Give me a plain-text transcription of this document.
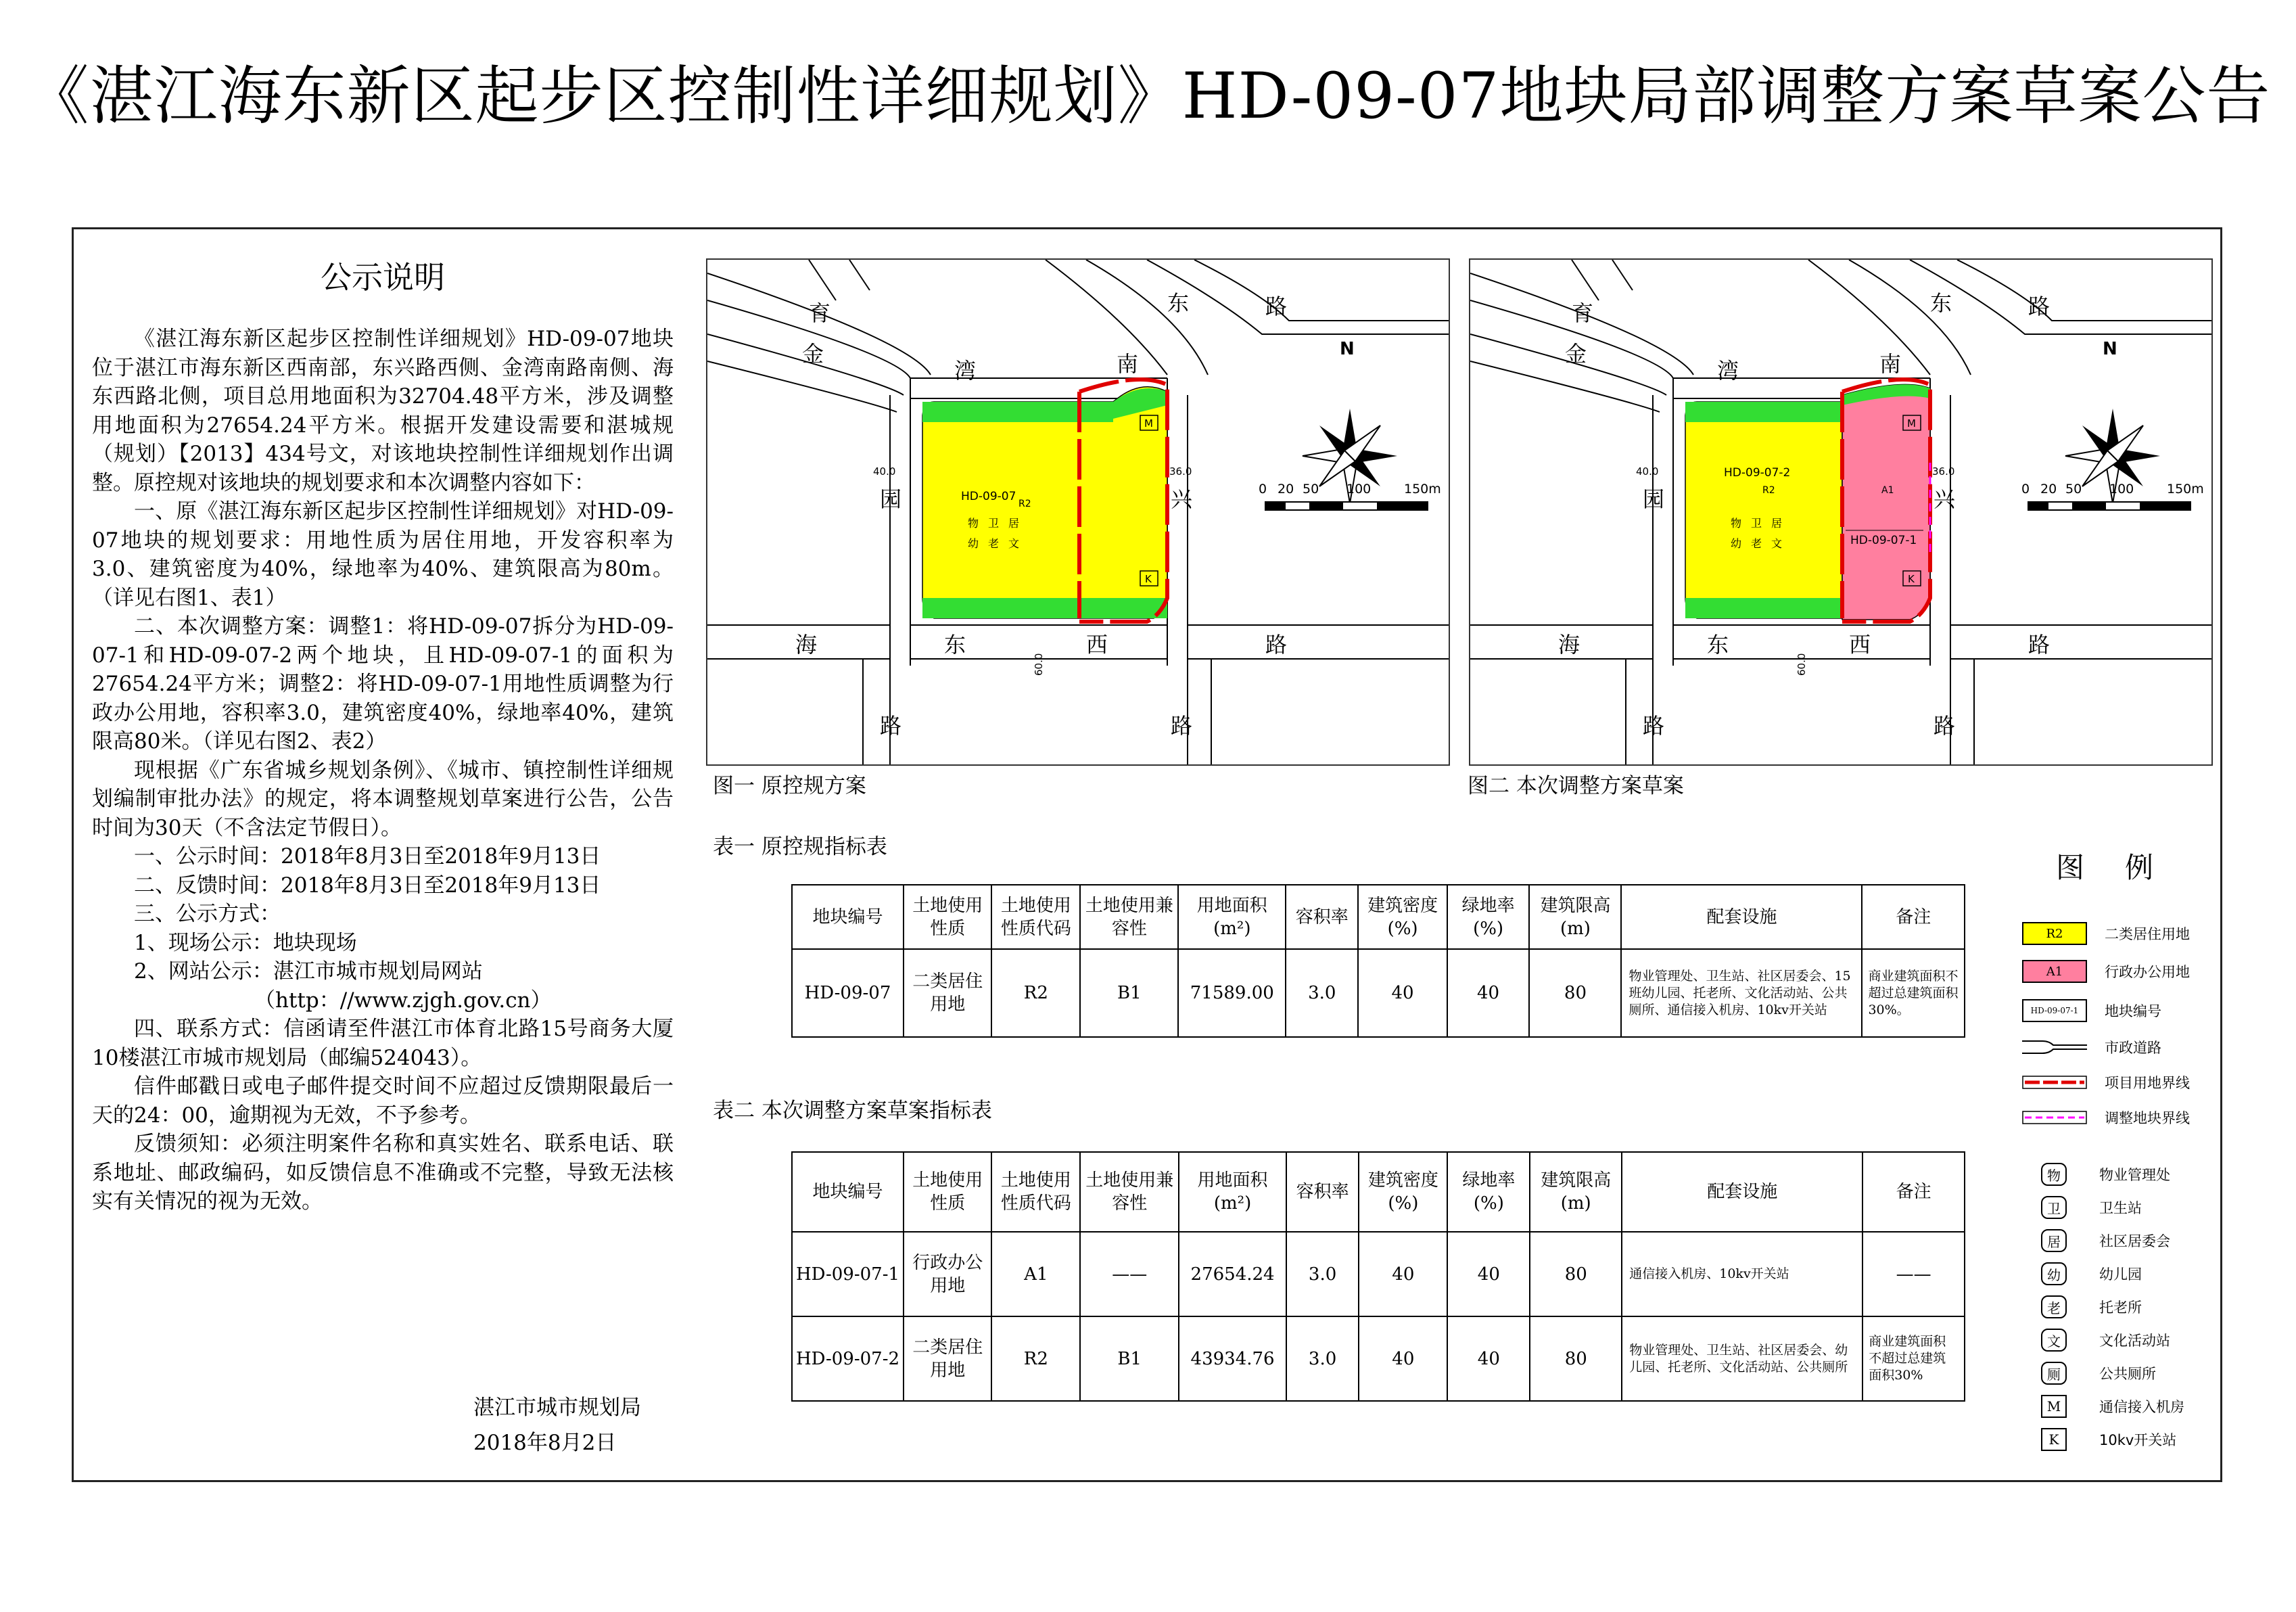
《湛江海东新区起步区控制性详细规划》HD-09-07地块局部调整方案草案公告
公示说明

《湛江海东新区起步区控制性详细规划》HD-09-07地块位于湛江市海东新区西南部，东兴路西侧、金湾南路南侧、海东西路北侧，项目总用地面积为32704.48平方米，涉及调整用地面积为27654.24平方米。根据开发建设需要和湛城规（规划）【2013】434号文，对该地块控制性详细规划作出调整。原控规对该地块的规划要求和本次调整内容如下：

一、原《湛江海东新区起步区控制性详细规划》对HD-09-07地块的规划要求：用地性质为居住用地，开发容积率为 3.0、建筑密度为40%，绿地率为40%、建筑限高为80m。（详见右图1、表1）

二、本次调整方案：调整1：将HD-09-07拆分为HD-09-07-1和HD-09-07-2两个地块，且HD-09-07-1的面积为27654.24平方米；调整2：将HD-09-07-1用地性质调整为行政办公用地，容积率3.0，建筑密度40%，绿地率40%，建筑限高80米。（详见右图2、表2）

现根据《广东省城乡规划条例》、《城市、镇控制性详细规划编制审批办法》的规定，将本调整规划草案进行公告，公告时间为30天（不含法定节假日）。

一、公示时间：2018年8月3日至2018年9月13日

二、反馈时间：2018年8月3日至2018年9月13日

三、公示方式：

1、现场公示：地块现场

2、网站公示：湛江市城市规划局网站

（http：//www.zjgh.gov.cn）

四、联系方式：信函请至件湛江市体育北路15号商务大厦10楼湛江市城市规划局（邮编524043）。

信件邮戳日或电子邮件提交时间不应超过反馈期限最后一天的24：00，逾期视为无效，不予参考。

反馈须知：必须注明案件名称和真实姓名、联系电话、联系地址、邮政编码，如反馈信息不准确或不完整，导致无法核实有关情况的视为无效。

湛江市城市规划局
2018年8月2日
育
金
湾	南
东	路
园	兴
海	东	西	路
路	路
40.0	36.0
60.0
HD-09-07
R2
物 卫 居
幼 老 文
M
K
N
0 20 50 100	150m
图一 原控规方案
育
金
湾	南
东	路
园	兴
海	东	西	路
路	路
40.0	36.0
60.0
HD-09-07-2
R2
HD-09-07-1
A1
物 卫 居
幼 老 文
M
K
N
0 20 50 100	150m
图二 本次调整方案草案
表一 原控规指标表
地块编号	土地使用性质	土地使用性质代码	土地使用兼容性	用地面积(m²)	容积率	建筑密度(%)	绿地率(%)	建筑限高(m)	配套设施	备注
HD-09-07	二类居住用地	R2	B1	71589.00	3.0	40	40	80	物业管理处、卫生站、社区居委会、15班幼儿园、托老所、文化活动站、公共厕所、通信接入机房、10kv开关站	商业建筑面积不超过总建筑面积30%。
表二 本次调整方案草案指标表
地块编号	土地使用性质	土地使用性质代码	土地使用兼容性	用地面积(m²)	容积率	建筑密度(%)	绿地率(%)	建筑限高(m)	配套设施	备注
HD-09-07-1	行政办公用地	A1	——	27654.24	3.0	40	40	80	通信接入机房、10kv开关站	——
HD-09-07-2	二类居住用地	R2	B1	43934.76	3.0	40	40	80	物业管理处、卫生站、社区居委会、幼儿园、托老所、文化活动站、公共厕所	商业建筑面积不超过总建筑面积30%
图例
R2	二类居住用地
A1	行政办公用地
HD-09-07-1	地块编号
市政道路
项目用地界线
调整地块界线
物	物业管理处
卫	卫生站
居	社区居委会
幼	幼儿园
老	托老所
文	文化活动站
厕	公共厕所
M	通信接入机房
K	10kv开关站
